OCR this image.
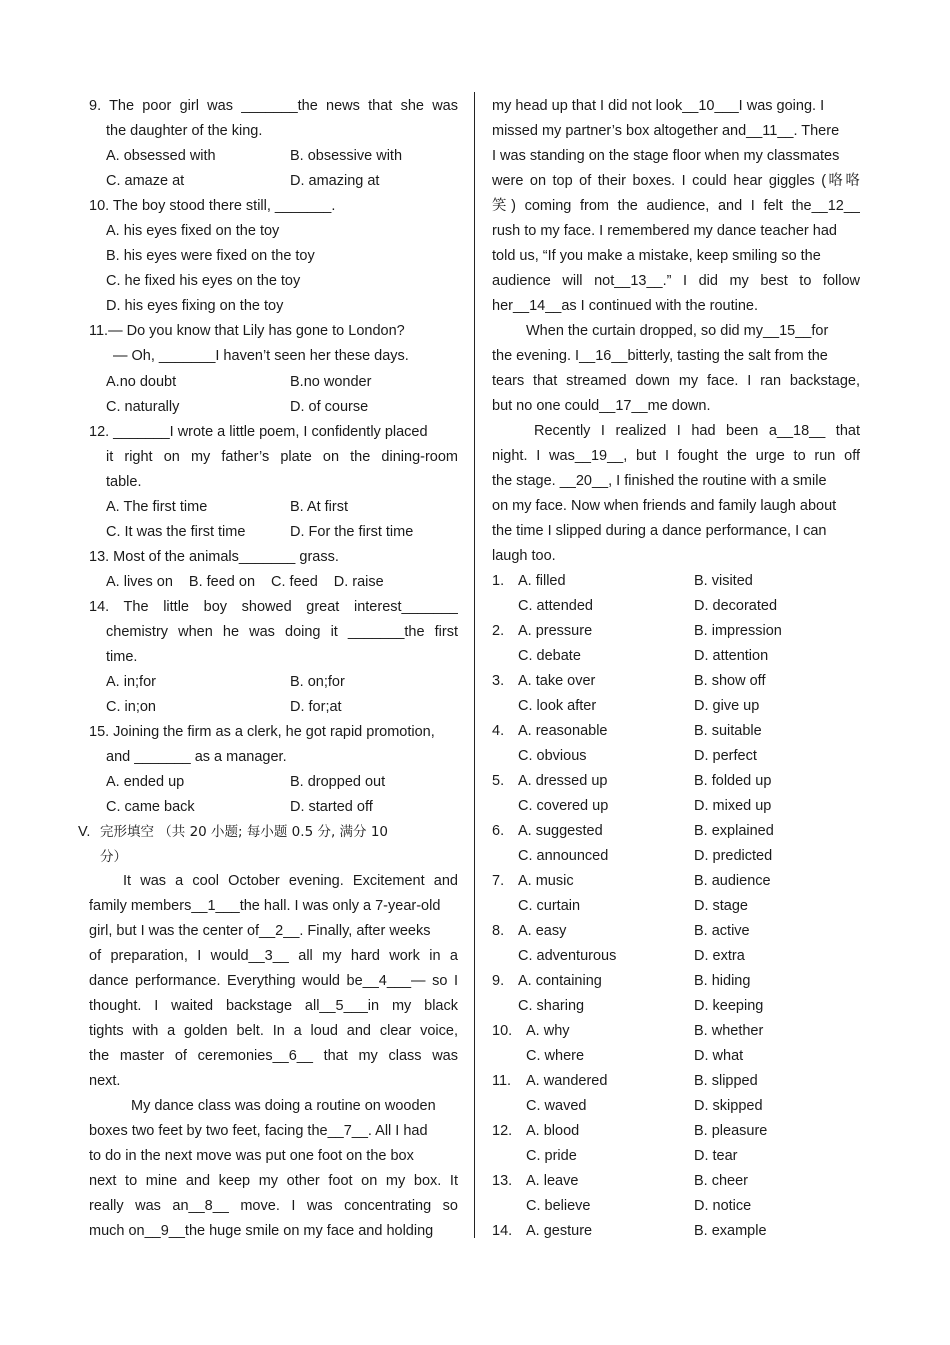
9. The poor girl was _______the news that she was
the daughter of the king.
A. obsessed with	B. obsessive with
C. amaze at	D. amazing at
10. The boy stood there still, _______.
A. his eyes fixed on the toy
B. his eyes were fixed on the toy
C. he fixed his eyes on the toy
D. his eyes fixing on the toy
11.— Do you know that Lily has gone to London?
— Oh, _______I haven’t seen her these days.
A.no doubt	B.no wonder
C. naturally	D. of course
12. _______I wrote a little poem, I confidently placed
it right on my father’s plate on the dining-room
table.
A. The first time	B. At first
C. It was the first time	D. For the first time
13. Most of the animals_______ grass.
A. lives on B. feed on C. feed D. raise
14. The little boy showed great interest_______
chemistry when he was doing it _______the first
time.
A. in;for	B. on;for
C. in;on	D. for;at
15. Joining the firm as a clerk, he got rapid promotion,
and _______ as a manager.
A. ended up	B. dropped out
C. came back	D. started off
V. 完形填空 （共 20 小题; 每小题 0.5 分, 满分 10
分）
It was a cool October evening. Excitement and
family members__1___the hall. I was only a 7-year-old
girl, but I was the center of__2__. Finally, after weeks
of preparation, I would__3__ all my hard work in a
dance performance. Everything would be__4___— so I
thought. I waited backstage all__5___in my black
tights with a golden belt. In a loud and clear voice,
the master of ceremonies__6__ that my class was
next.
My dance class was doing a routine on wooden
boxes two feet by two feet, facing the__7__. All I had
to do in the next move was put one foot on the box
next to mine and keep my other foot on my box. It
really was an__8__ move. I was concentrating so
much on__9__the huge smile on my face and holding
my head up that I did not look__10___I was going. I
missed my partner’s box altogether and__11__. There
I was standing on the stage floor when my classmates
were on top of their boxes. I could hear giggles (咯咯
笑) coming from the audience, and I felt the__12__
rush to my face. I remembered my dance teacher had
told us, “If you make a mistake, keep smiling so the
audience will not__13__.” I did my best to follow
her__14__as I continued with the routine.
When the curtain dropped, so did my__15__for
the evening. I__16__bitterly, tasting the salt from the
tears that streamed down my face. I ran backstage,
but no one could__17__me down.
Recently I realized I had been a__18__ that
night. I was__19__, but I fought the urge to run off
the stage. __20__, I finished the routine with a smile
on my face. Now when friends and family laugh about
the time I slipped during a dance performance, I can
laugh too.
1. A. filled	B. visited
C. attended	D. decorated
2. A. pressure	B. impression
C. debate	D. attention
3. A. take over	B. show off
C. look after	D. give up
4. A. reasonable	B. suitable
C. obvious	D. perfect
5. A. dressed up	B. folded up
C. covered up	D. mixed up
6. A. suggested	B. explained
C. announced	D. predicted
7. A. music	B. audience
C. curtain	D. stage
8. A. easy	B. active
C. adventurous	D. extra
9. A. containing	B. hiding
C. sharing	D. keeping
10. A. why	B. whether
C. where	D. what
11.	A. wandered	B. slipped
C. waved	D. skipped
12. A. blood	B. pleasure
C. pride	D. tear
13. A. leave	B. cheer
C. believe	D. notice
14. A. gesture	B. example
